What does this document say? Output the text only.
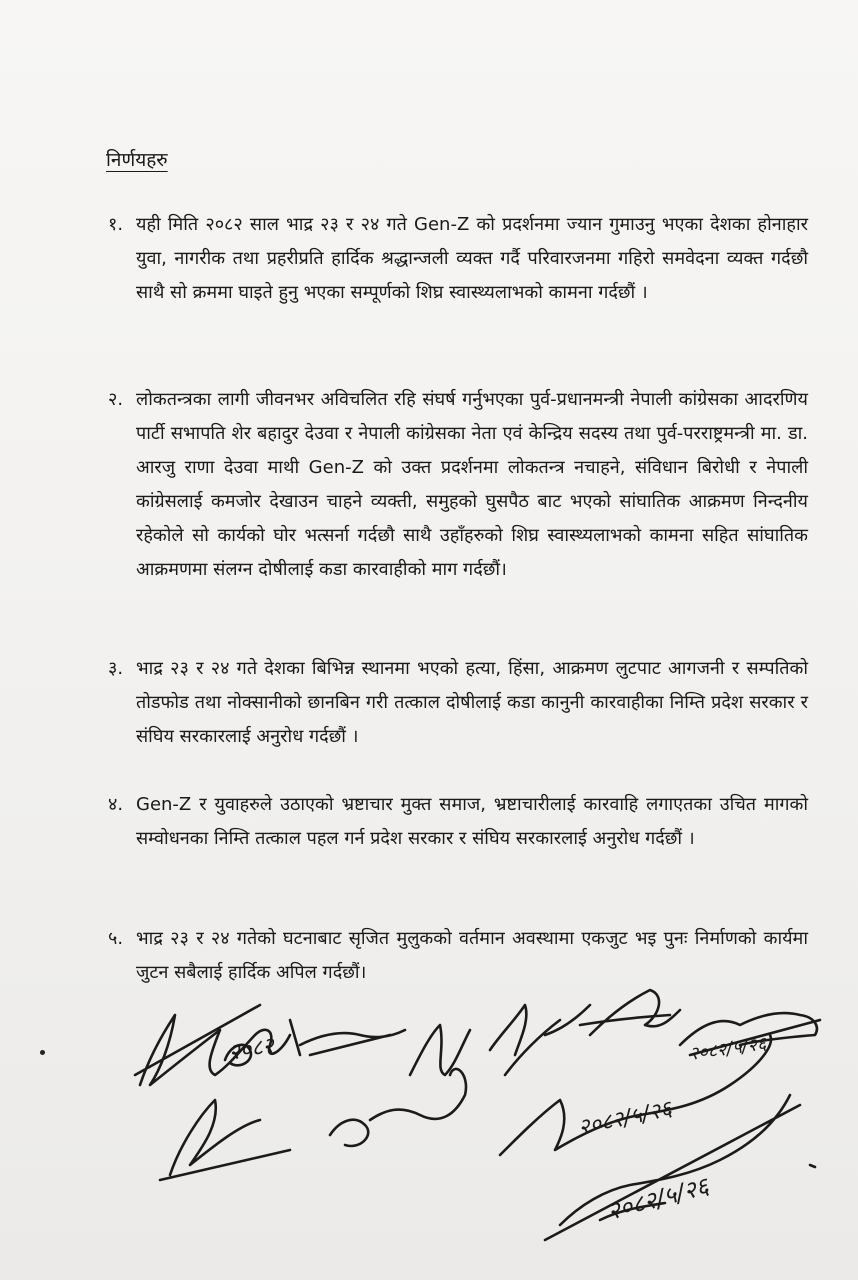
निर्णयहरु
१. यही मिति २०८२ साल भाद्र २३ र २४ गते Gen-Z को प्रदर्शनमा ज्यान गुमाउनु भएका देशका होनाहार युवा, नागरीक तथा प्रहरीप्रति हार्दिक श्रद्धान्जली व्यक्त गर्दै परिवारजनमा गहिरो समवेदना व्यक्त गर्दछौ साथै सो क्रममा घाइते हुनु भएका सम्पूर्णको शिघ्र स्वास्थ्यलाभको कामना गर्दछौं ।
२. लोकतन्त्रका लागी जीवनभर अविचलित रहि संघर्ष गर्नुभएका पुर्व-प्रधानमन्त्री नेपाली कांग्रेसका आदरणिय पार्टी सभापति शेर बहादुर देउवा र नेपाली कांग्रेसका नेता एवं केन्द्रिय सदस्य तथा पुर्व-परराष्ट्रमन्त्री मा. डा. आरजु राणा देउवा माथी Gen-Z को उक्त प्रदर्शनमा लोकतन्त्र नचाहने, संविधान बिरोधी र नेपाली कांग्रेसलाई कमजोर देखाउन चाहने व्यक्ती, समुहको घुसपैठ बाट भएको सांघातिक आक्रमण निन्दनीय रहेकोले सो कार्यको घोर भत्सर्ना गर्दछौ साथै उहाँहरुको शिघ्र स्वास्थ्यलाभको कामना सहित सांघातिक आक्रमणमा संलग्न दोषीलाई कडा कारवाहीको माग गर्दछौं।
३. भाद्र २३ र २४ गते देशका बिभिन्न स्थानमा भएको हत्या, हिंसा, आक्रमण लुटपाट आगजनी र सम्पतिको तोडफोड तथा नोक्सानीको छानबिन गरी तत्काल दोषीलाई कडा कानुनी कारवाहीका निम्ति प्रदेश सरकार र संघिय सरकारलाई अनुरोध गर्दछौं ।
४. Gen-Z र युवाहरुले उठाएको भ्रष्टाचार मुक्त समाज, भ्रष्टाचारीलाई कारवाहि लगाएतका उचित मागको सम्वोधनका निम्ति तत्काल पहल गर्न प्रदेश सरकार र संघिय सरकारलाई अनुरोध गर्दछौं ।
५. भाद्र २३ र २४ गतेको घटनाबाट सृजित मुलुकको वर्तमान अवस्थामा एकजुट भइ पुनः निर्माणको कार्यमा जुटन सबैलाई हार्दिक अपिल गर्दछौं।
२०८२
२०८२/५/२६
२०८२/५/२६
२०८२/५/२६
